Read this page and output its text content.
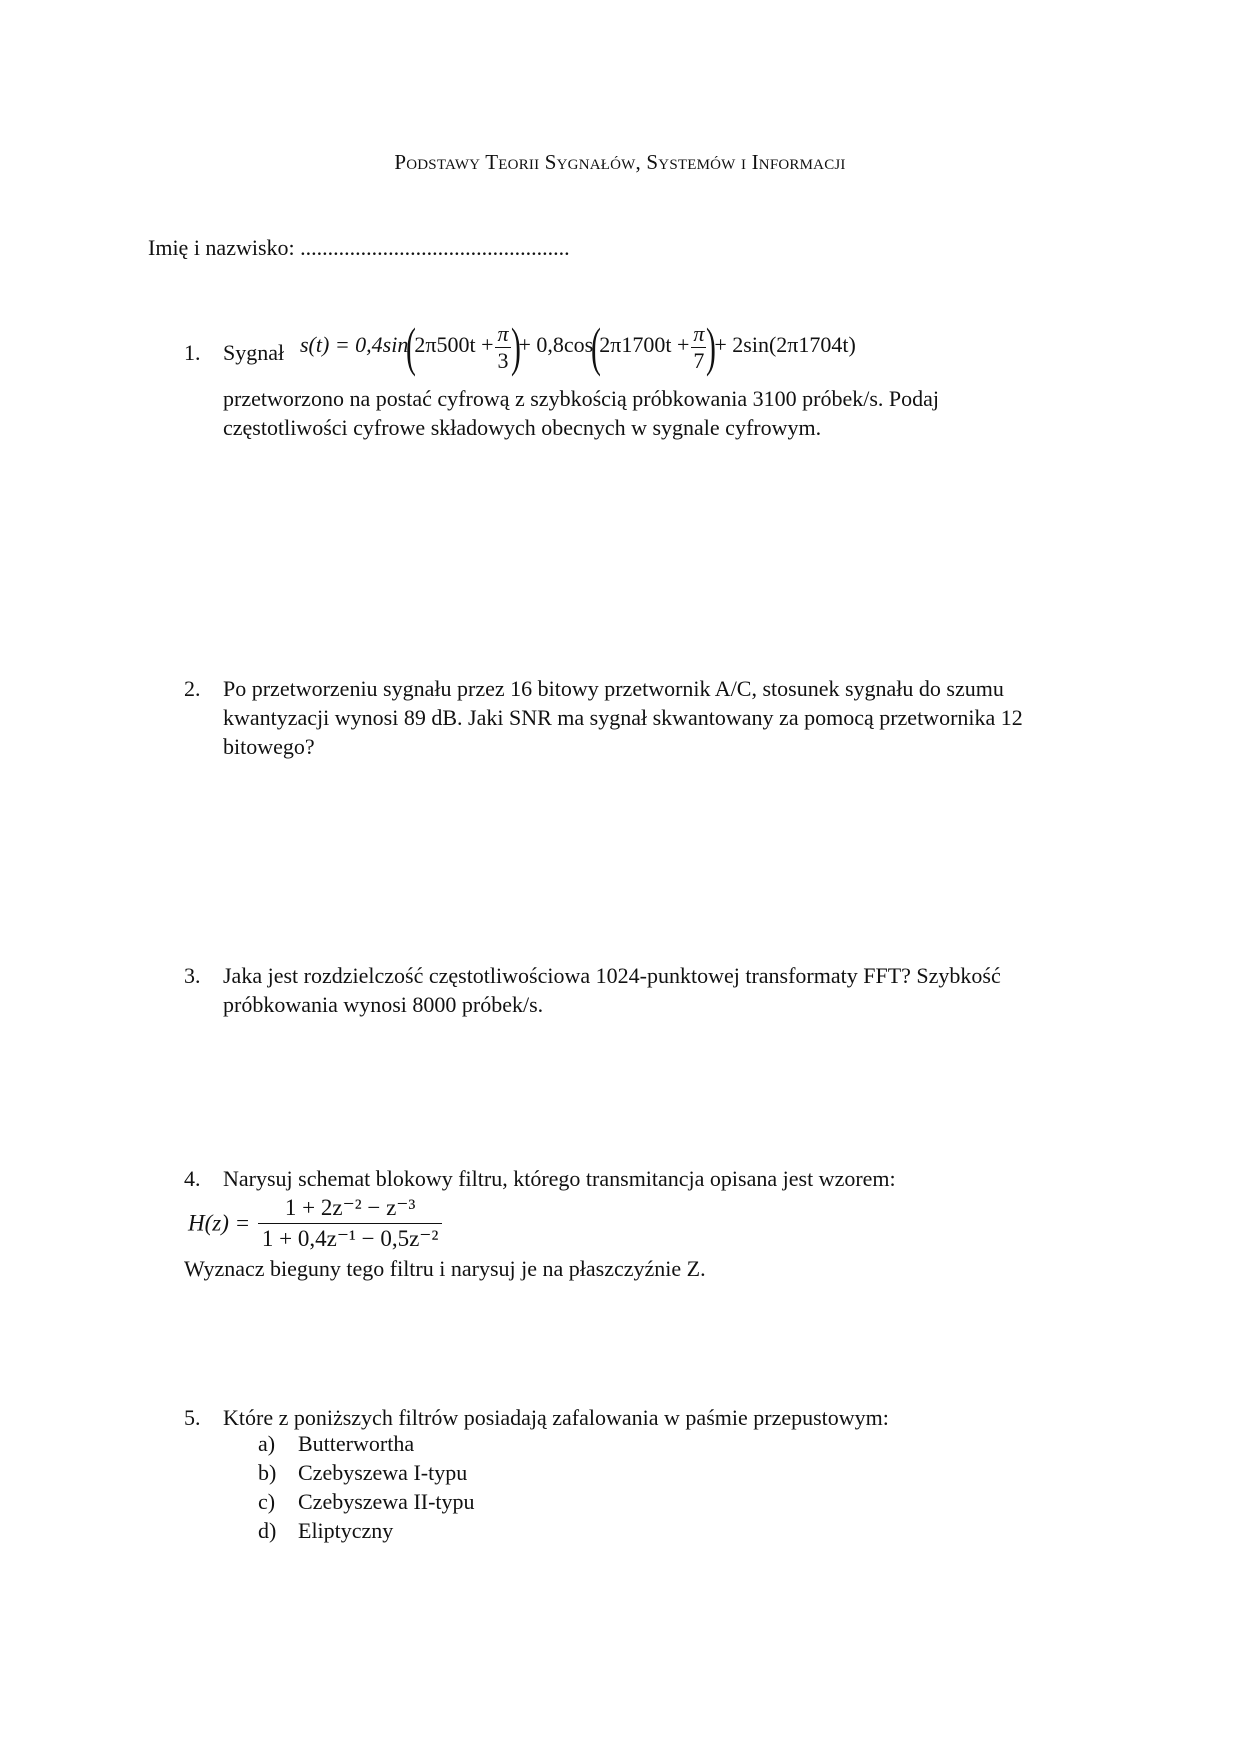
Podstawy Teorii Sygnałów, Systemów i Informacji
Imię i nazwisko: .................................................
1.	Sygnał $s(t) = 0,4\sin(2\pi 500t + \frac{\pi}{3}$ )+ $0,8\cos(2\pi 1700t + \frac{\pi}{7}$ )+ 2sin(2π1704t)
przetworzono na postać cyfrową z szybkością próbkowania 3100 próbek/s. Podaj częstotliwości cyfrowe składowych obecnych w sygnale cyfrowym.
2.	Po przetworzeniu sygnału przez 16 bitowy przetwornik A/C, stosunek sygnału do szumu kwantyzacji wynosi 89 dB. Jaki SNR ma sygnał skwantowany za pomocą przetwornika 12 bitowego?
3.	Jaka jest rozdzielczość częstotliwościowa 1024-punktowej transformaty FFT? Szybkość próbkowania wynosi 8000 próbek/s.
4.	Narysuj schemat blokowy filtru, którego transmitancja opisana jest wzorem:
$H(z) = \frac{\text{1 + 2z⁻² − z⁻³}}{\text{1 + 0,4z⁻¹ − 0,5z⁻²}}$
Wyznacz bieguny tego filtru i narysuj je na płaszczyźnie Z.
5.	Które z poniższych filtrów posiadają zafalowania w paśmie przepustowym:
a) Butterwortha
b) Czebyszewa I-typu
c) Czebyszewa II-typu
d) Eliptyczny
